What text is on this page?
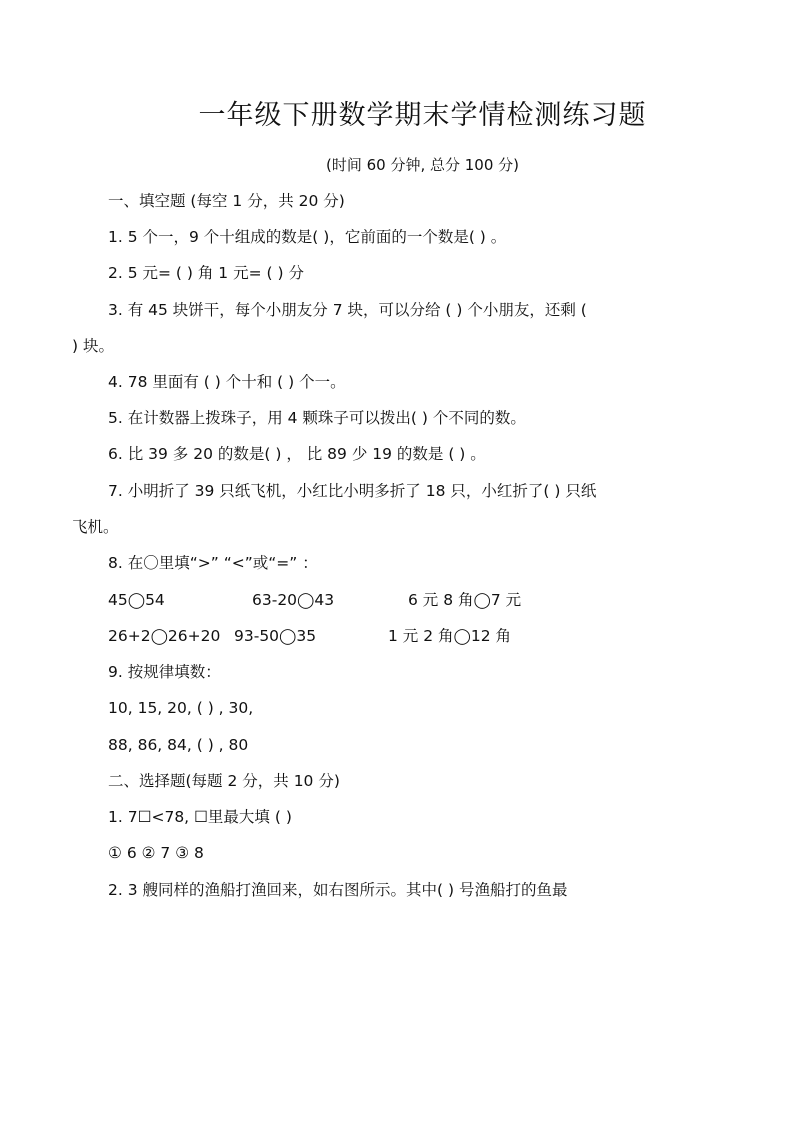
一年级下册数学期末学情检测练习题
(时间 60 分钟, 总分 100 分)
一、填空题 (每空 1 分，共 20 分)
1. 5 个一，9 个十组成的数是( )，它前面的一个数是( ) 。
2. 5 元= ( ) 角 1 元= ( ) 分
3. 有 45 块饼干，每个小朋友分 7 块，可以分给 ( ) 个小朋友，还剩 (
) 块。
4. 78 里面有 ( ) 个十和 ( ) 个一。
5. 在计数器上拨珠子，用 4 颗珠子可以拨出( ) 个不同的数。
6. 比 39 多 20 的数是( ) ， 比 89 少 19 的数是 ( ) 。
7. 小明折了 39 只纸飞机，小红比小明多折了 18 只，小红折了( ) 只纸
飞机。
8. 在〇里填“>” “<”或“=” ：
45◯54	63-20◯43	6 元 8 角◯7 元
26+2◯26+20 93-50◯35	1 元 2 角◯12 角
9. 按规律填数：
10, 15, 20, ( ) , 30,
88, 86, 84, ( ) , 80
二、选择题(每题 2 分，共 10 分)
1. 7☐<78, ☐里最大填 ( )
① 6 ② 7 ③ 8
2. 3 艘同样的渔船打渔回来，如右图所示。其中( ) 号渔船打的鱼最
